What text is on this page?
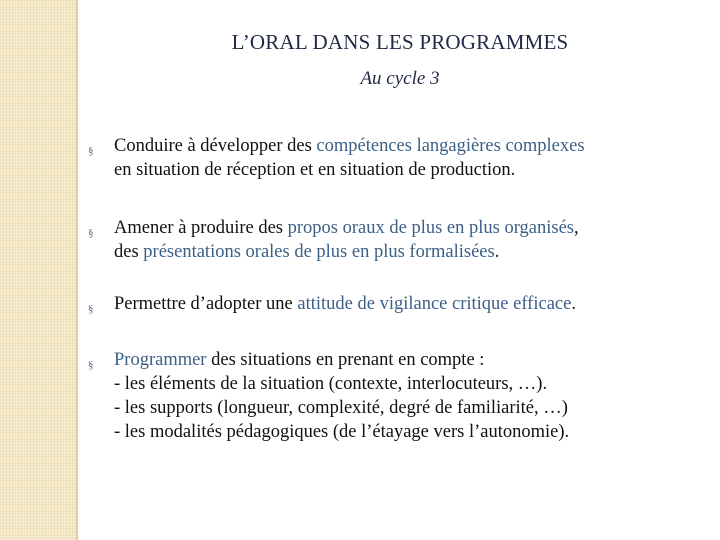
L’ORAL DANS LES PROGRAMMES
Au cycle 3
§ Conduire à développer des compétences langagières complexes
en situation de réception et en situation de production.
§ Amener à produire des propos oraux de plus en plus organisés,
des présentations orales de plus en plus formalisées.
§ Permettre d’adopter une attitude de vigilance critique efficace.
§ Programmer des situations en prenant en compte :
- les éléments de la situation (contexte, interlocuteurs, …).
- les supports (longueur, complexité, degré de familiarité, …)
- les modalités pédagogiques (de l’étayage vers l’autonomie).
